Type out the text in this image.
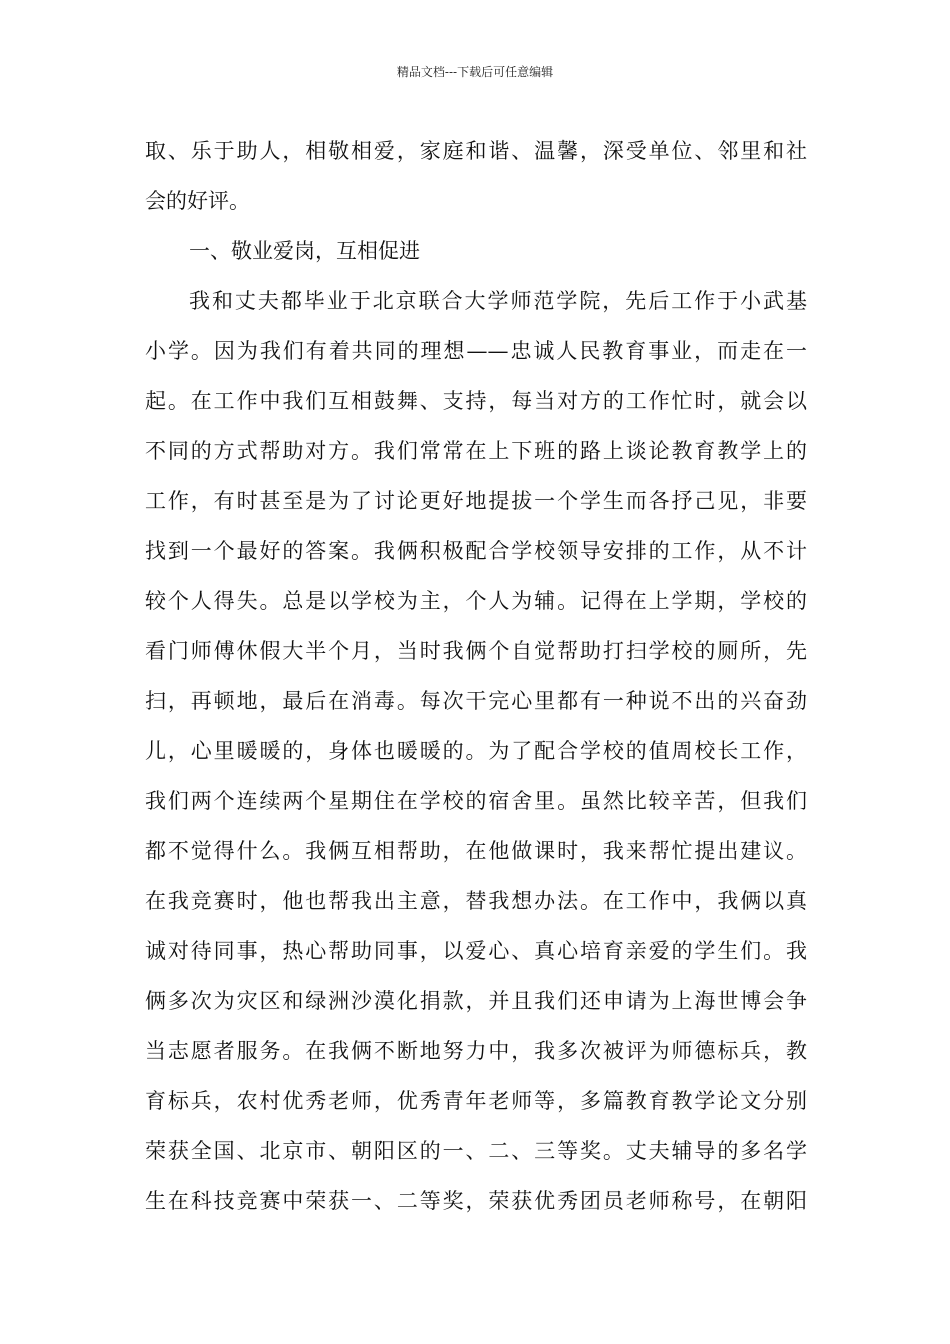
精品文档---下载后可任意编辑
取、乐于助人，相敬相爱，家庭和谐、温馨，深受单位、邻里和社
会的好评。
一、敬业爱岗，互相促进
我和丈夫都毕业于北京联合大学师范学院，先后工作于小武基
小学。因为我们有着共同的理想——忠诚人民教育事业，而走在一
起。在工作中我们互相鼓舞、支持，每当对方的工作忙时，就会以
不同的方式帮助对方。我们常常在上下班的路上谈论教育教学上的
工作，有时甚至是为了讨论更好地提拔一个学生而各抒己见，非要
找到一个最好的答案。我俩积极配合学校领导安排的工作，从不计
较个人得失。总是以学校为主，个人为辅。记得在上学期，学校的
看门师傅休假大半个月，当时我俩个自觉帮助打扫学校的厕所，先
扫，再顿地，最后在消毒。每次干完心里都有一种说不出的兴奋劲
儿，心里暖暖的，身体也暖暖的。为了配合学校的值周校长工作，
我们两个连续两个星期住在学校的宿舍里。虽然比较辛苦，但我们
都不觉得什么。我俩互相帮助，在他做课时，我来帮忙提出建议。
在我竞赛时，他也帮我出主意，替我想办法。在工作中，我俩以真
诚对待同事，热心帮助同事，以爱心、真心培育亲爱的学生们。我
俩多次为灾区和绿洲沙漠化捐款，并且我们还申请为上海世博会争
当志愿者服务。在我俩不断地努力中，我多次被评为师德标兵，教
育标兵，农村优秀老师，优秀青年老师等，多篇教育教学论文分别
荣获全国、北京市、朝阳区的一、二、三等奖。丈夫辅导的多名学
生在科技竞赛中荣获一、二等奖，荣获优秀团员老师称号，在朝阳
